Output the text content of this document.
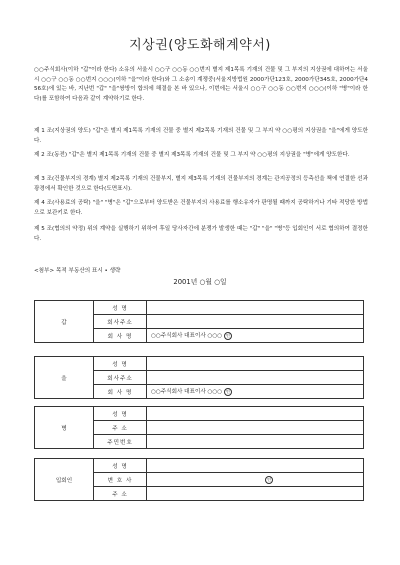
지상권(양도화해계약서)

○○주식회사(이하 "갑"이라 한다) 소유의 서울시 ○○구 ○○동 ○○번지 별지 제1목록 기재의 건물 및 그 부지의 지상권에 대하여는 서울시 ○○구 ○○동 ○○번지 ○○○(이하 "을"이라 한다)와 그 소송이 계쟁중(서울지방법원 2000가단123호, 2000가단345호, 2000가단456호)에 있는 바, 지난번 "갑" "을"쌍방이 합의에 해결을 본 바 있으나, 이번에는 서울시 ○○구 ○○동 ○○번지 ○○○(이하 "병"이라 한다)를 포함하여 다음과 같이 계약하기로 한다.

제 1 조(지상권의 양도) "갑"은 별지 제1목록 기재의 건물 중 별지 제2목록 기재의 건물 및 그 부지 약 ○○평의 지상권을 "을"에게 양도한다.

제 2 조(동전) "갑"은 별지 제1목록 기재의 건물 중 별지 제3목록 기재의 건물 및 그 부지 약 ○○평의 지상권을 "병"에게 양도한다.

제 3 조(건물부지의 경계) 별지 제2목록 기재의 건물부지, 별지 제3목록 기재의 건물부지의 경계는 관지공정의 등측선을 책에 연결한 선과 광경에서 확인한 것으로 한다(도면표시).

제 4 조(사용료의 공탁) "을" "병"은 "갑"으로부터 양도받은 건물부지의 사용료를 행소유자가 판명될 때까지 공탁하거나 기타 적당한 방법으로 보관키로 한다.

제 5 조(협의의 약정) 위의 계약을 실행하기 위하여 후일 당사자간에 분쟁가 발생한 때는 "갑" "을" "병"등 입회인이 서로 협의하여 결정한다.

<첨부> 목적 부동산의 표시 • 생략
2001년 ○월 ○일
갑	성 명	
	회사주소	
	회 사 명	○○주식회사 대표이사 ○○○ 인
을	성 명	
	회사주소	
	회 사 명	○○주식회사 대표이사 ○○○ 인
병	성 명	
	주 소	
	주민번호	
입회인	성 명	
	변 호 사	인
	주 소	
